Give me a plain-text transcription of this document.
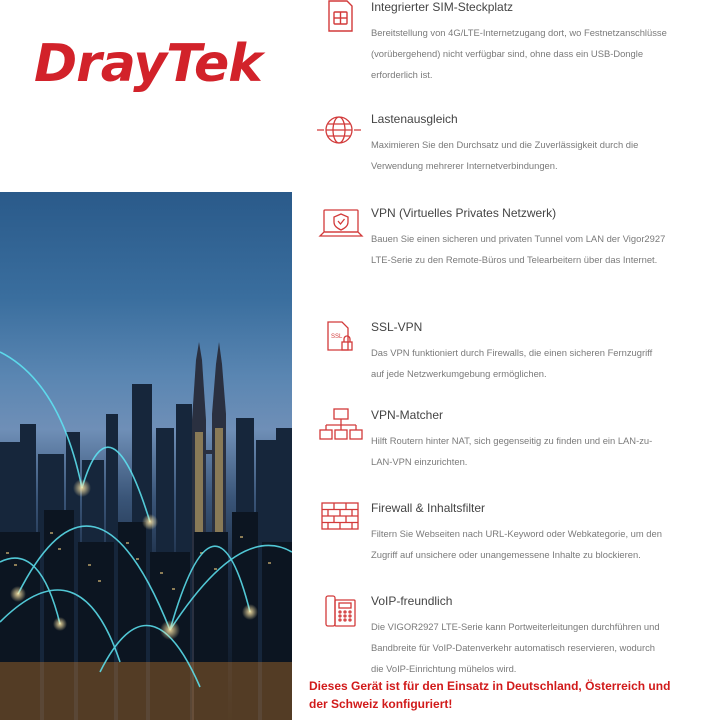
DrayTek
Integrierter SIM-Steckplatz
Bereitstellung von 4G/LTE-Internetzugang dort, wo Festnetzanschlüsse
(vorübergehend) nicht verfügbar sind, ohne dass ein USB-Dongle
erforderlich ist.
Lastenausgleich
Maximieren Sie den Durchsatz und die Zuverlässigkeit durch die
Verwendung mehrerer Internetverbindungen.
VPN (Virtuelles Privates Netzwerk)
Bauen Sie einen sicheren und privaten Tunnel vom LAN der Vigor2927
LTE-Serie zu den Remote-Büros und Telearbeitern über das Internet.
SSL
SSL-VPN
Das VPN funktioniert durch Firewalls, die einen sicheren Fernzugriff
auf jede Netzwerkumgebung ermöglichen.
VPN-Matcher
Hilft Routern hinter NAT, sich gegenseitig zu finden und ein LAN-zu-
LAN-VPN einzurichten.
Firewall & Inhaltsfilter
Filtern Sie Webseiten nach URL-Keyword oder Webkategorie, um den
Zugriff auf unsichere oder unangemessene Inhalte zu blockieren.
VoIP-freundlich
Die VIGOR2927 LTE-Serie kann Portweiterleitungen durchführen und
Bandbreite für VoIP-Datenverkehr automatisch reservieren, wodurch
die VoIP-Einrichtung mühelos wird.
Dieses Gerät ist für den Einsatz in Deutschland, Österreich und
der Schweiz konfiguriert!
